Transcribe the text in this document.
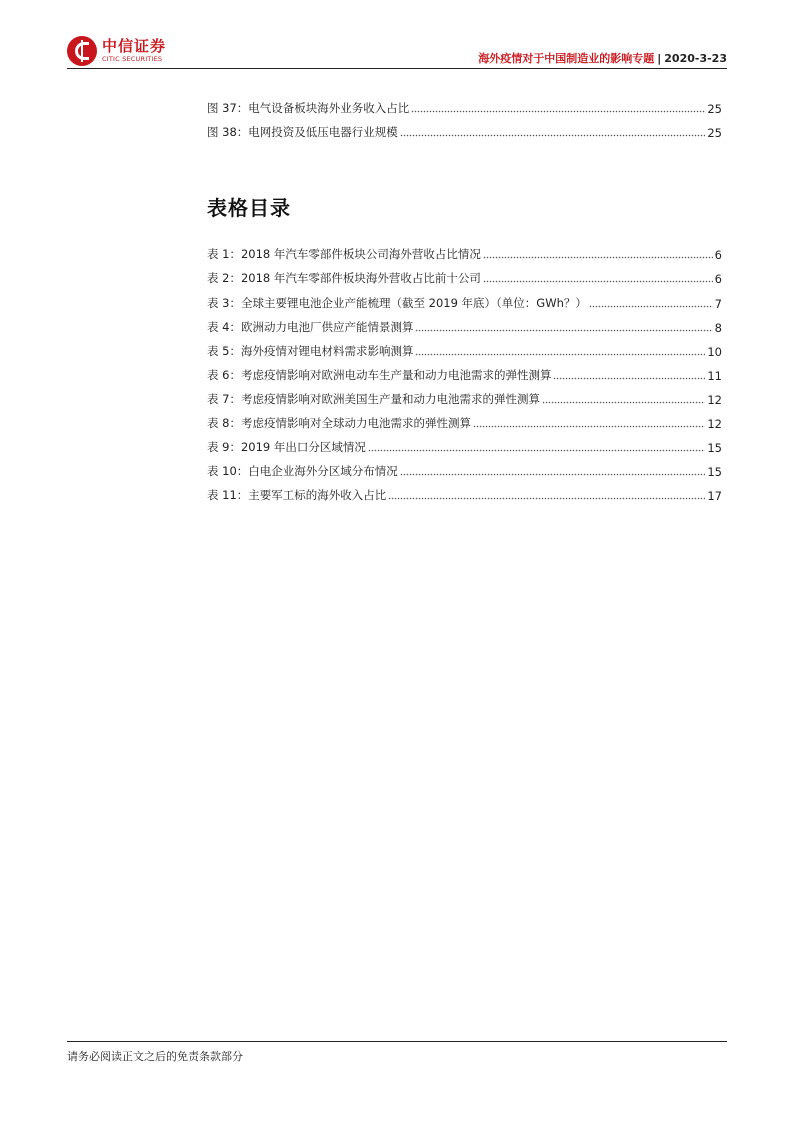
中信证券
CITIC SECURITIES	海外疫情对于中国制造业的影响专题 | 2020-3-23
图 37：电气设备板块海外业务收入占比	25
图 38：电网投资及低压电器行业规模	25
表格目录
表 1：2018 年汽车零部件板块公司海外营收占比情况	6
表 2：2018 年汽车零部件板块海外营收占比前十公司	6
表 3：全球主要锂电池企业产能梳理（截至 2019 年底）（单位：GWh？）	7
表 4：欧洲动力电池厂供应产能情景测算	8
表 5：海外疫情对锂电材料需求影响测算	10
表 6：考虑疫情影响对欧洲电动车生产量和动力电池需求的弹性测算	11
表 7：考虑疫情影响对欧洲美国生产量和动力电池需求的弹性测算	12
表 8：考虑疫情影响对全球动力电池需求的弹性测算	12
表 9：2019 年出口分区域情况	15
表 10：白电企业海外分区域分布情况	15
表 11：主要军工标的海外收入占比	17
请务必阅读正文之后的免责条款部分
